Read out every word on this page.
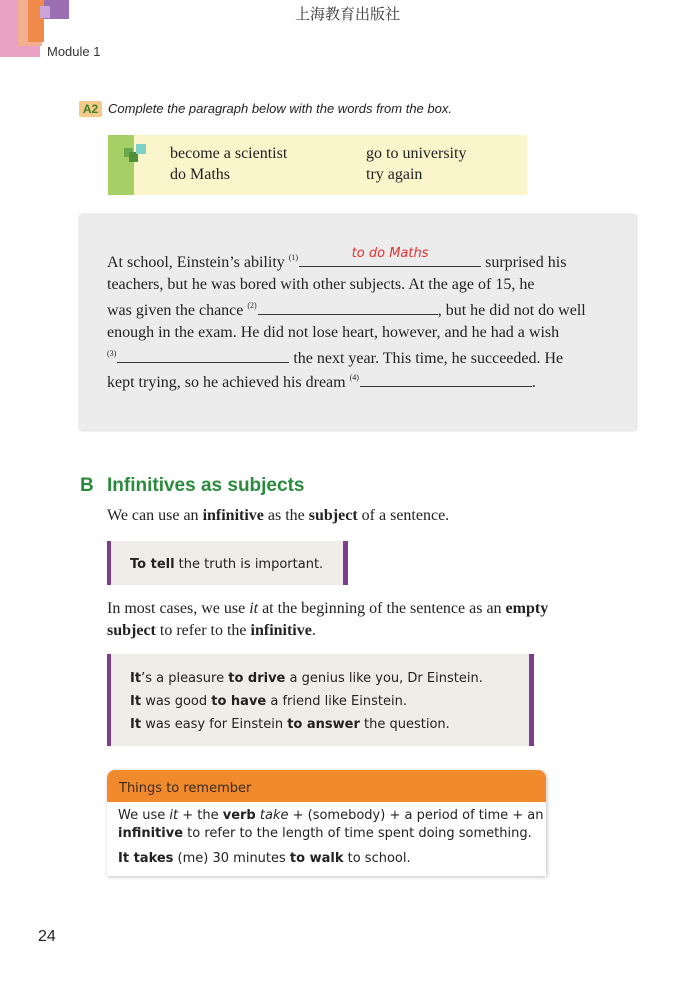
上海教育出版社
Module 1
A2 Complete the paragraph below with the words from the box.
become a scientist	go to university
do Maths	try again
At school, Einstein’s ability $^{(1)}$	to do Maths
surprised his
teachers, but he was bored with other subjects. At the age of 15, he
was given the chance $^{(2)}$	, but he did not do well
enough in the exam. He did not lose heart, however, and he had a wish
$^{(3)}$	the next year. This time, he succeeded. He
kept trying, so he achieved his dream $^{(4)}$	.
B Infinitives as subjects
We can use an infinitive as the subject of a sentence.
To tell the truth is important.
In most cases, we use it at the beginning of the sentence as an empty
subject to refer to the infinitive.
It’s a pleasure to drive a genius like you, Dr Einstein.
It was good to have a friend like Einstein.
It was easy for Einstein to answer the question.
Things to remember
We use it + the verb take + (somebody) + a period of time + an
infinitive to refer to the length of time spent doing something.
It takes (me) 30 minutes to walk to school.
24
